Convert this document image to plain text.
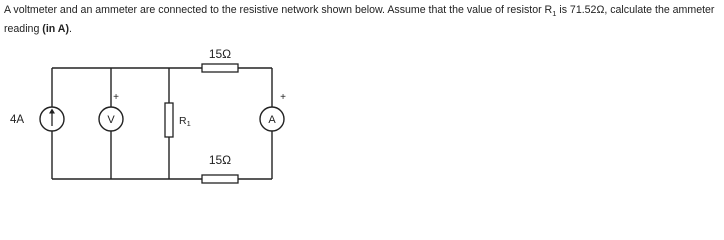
A voltmeter and an ammeter are connected to the resistive network shown below. Assume that the value of resistor $R_1$ is 71.52Ω, calculate the ammeter reading (in A).

4A	V
+
R1
15Ω
15Ω
A
+
